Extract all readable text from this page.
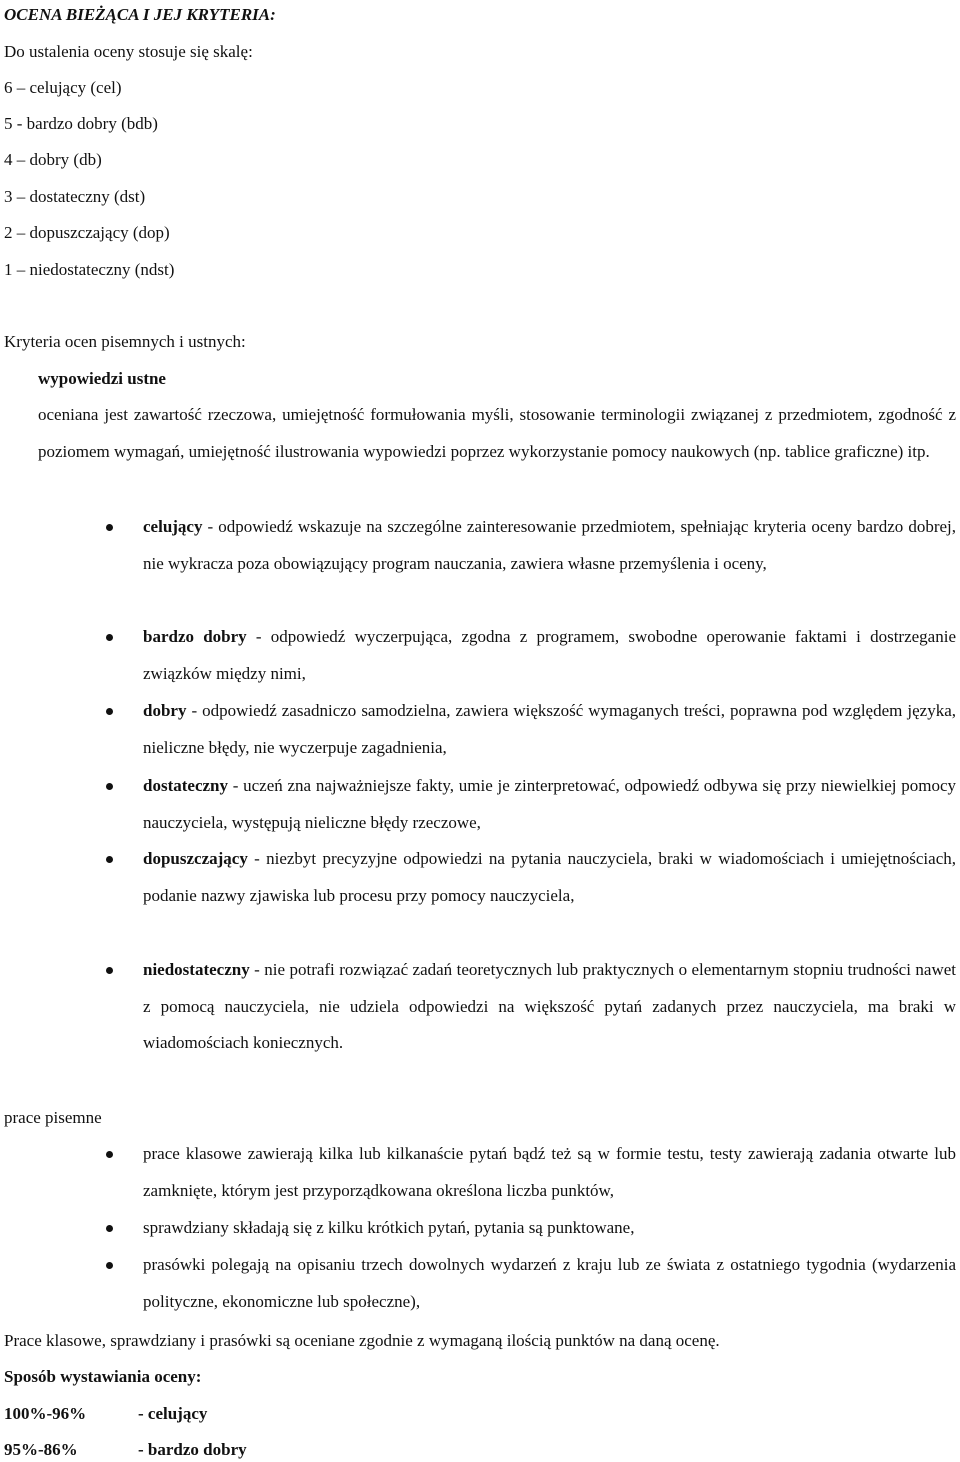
OCENA BIEŻĄCA I JEJ KRYTERIA:
Do ustalenia oceny stosuje się skalę:
6 – celujący (cel)
5 - bardzo dobry (bdb)
4 – dobry (db)
3 – dostateczny (dst)
2 – dopuszczający (dop)
1 – niedostateczny (ndst)
Kryteria ocen pisemnych i ustnych:
wypowiedzi ustne
oceniana jest zawartość rzeczowa, umiejętność formułowania myśli, stosowanie terminologii związanej z przedmiotem, zgodność z poziomem wymagań, umiejętność ilustrowania wypowiedzi poprzez wykorzystanie pomocy naukowych (np. tablice graficzne) itp.
celujący - odpowiedź wskazuje na szczególne zainteresowanie przedmiotem, spełniając kryteria oceny bardzo dobrej, nie wykracza poza obowiązujący program nauczania, zawiera własne przemyślenia i oceny,
bardzo dobry - odpowiedź wyczerpująca, zgodna z programem, swobodne operowanie faktami i dostrzeganie związków między nimi,
dobry - odpowiedź zasadniczo samodzielna, zawiera większość wymaganych treści, poprawna pod względem języka, nieliczne błędy, nie wyczerpuje zagadnienia,
dostateczny - uczeń zna najważniejsze fakty, umie je zinterpretować, odpowiedź odbywa się przy niewielkiej pomocy nauczyciela, występują nieliczne błędy rzeczowe,
dopuszczający - niezbyt precyzyjne odpowiedzi na pytania nauczyciela, braki w wiadomościach i umiejętnościach, podanie nazwy zjawiska lub procesu przy pomocy nauczyciela,
niedostateczny - nie potrafi rozwiązać zadań teoretycznych lub praktycznych o elementarnym stopniu trudności nawet z pomocą nauczyciela, nie udziela odpowiedzi na większość pytań zadanych przez nauczyciela, ma braki w wiadomościach koniecznych.
prace pisemne
prace klasowe zawierają kilka lub kilkanaście pytań bądź też są w formie testu, testy zawierają zadania otwarte lub zamknięte, którym jest przyporządkowana określona liczba punktów,
sprawdziany składają się z kilku krótkich pytań, pytania są punktowane,
prasówki polegają na opisaniu trzech dowolnych wydarzeń z kraju lub ze świata z ostatniego tygodnia (wydarzenia polityczne, ekonomiczne lub społeczne),
Prace klasowe, sprawdziany i prasówki są oceniane zgodnie z wymaganą ilością punktów na daną ocenę.
Sposób wystawiania oceny:
100%-96%	- celujący
95%-86%	- bardzo dobry
